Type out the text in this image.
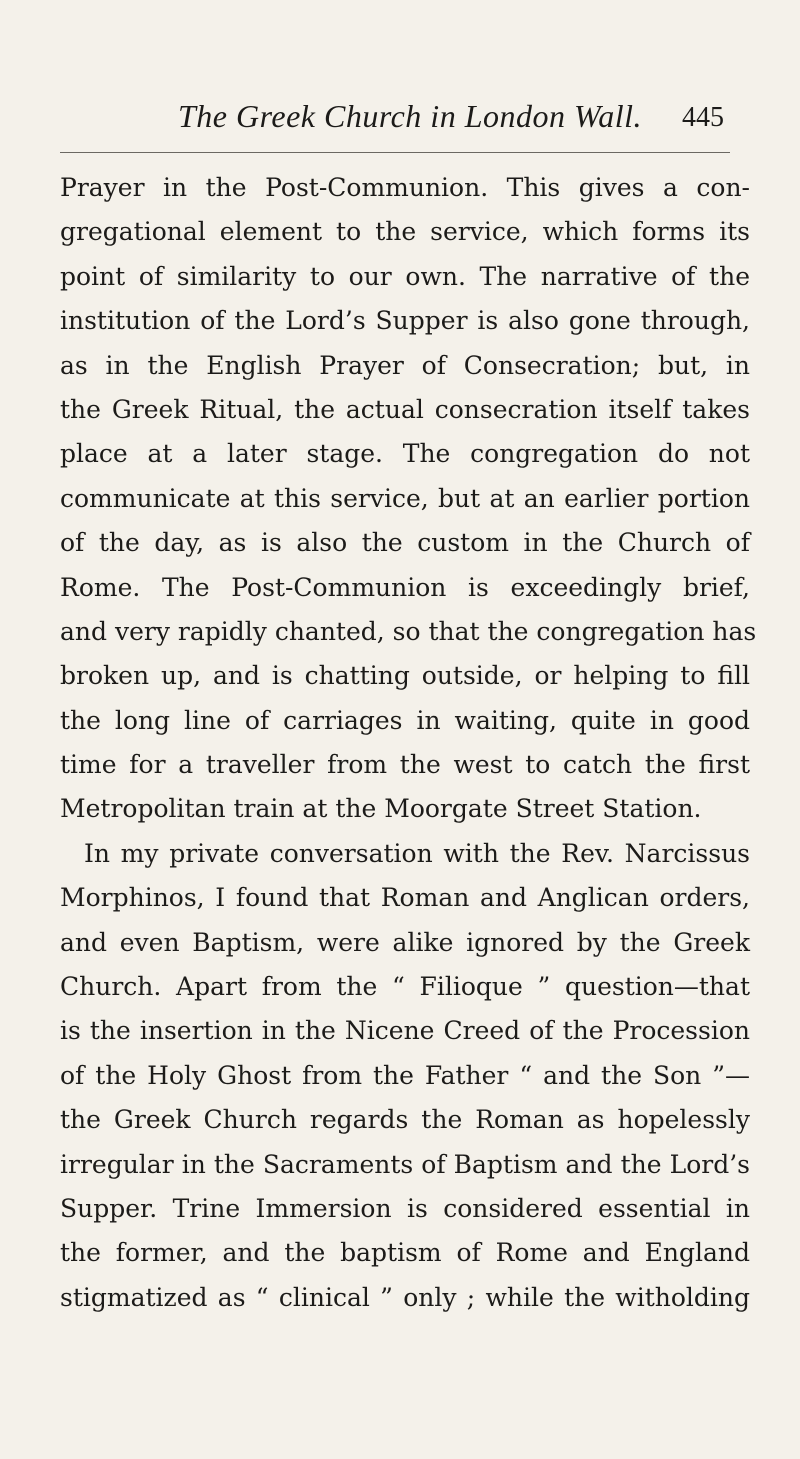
The Greek Church in London Wall.	445
Prayer in the Post-Communion. This gives a con-
gregational element to the service, which forms its
point of similarity to our own. The narrative of the
institution of the Lord’s Supper is also gone through,
as in the English Prayer of Consecration; but, in
the Greek Ritual, the actual consecration itself takes
place at a later stage. The congregation do not
communicate at this service, but at an earlier portion
of the day, as is also the custom in the Church of
Rome. The Post-Communion is exceedingly brief,
and very rapidly chanted, so that the congregation has
broken up, and is chatting outside, or helping to fill
the long line of carriages in waiting, quite in good
time for a traveller from the west to catch the first
Metropolitan train at the Moorgate Street Station.
In my private conversation with the Rev. Narcissus
Morphinos, I found that Roman and Anglican orders,
and even Baptism, were alike ignored by the Greek
Church. Apart from the “ Filioque ” question—that
is the insertion in the Nicene Creed of the Procession
of the Holy Ghost from the Father “ and the Son ”—
the Greek Church regards the Roman as hopelessly
irregular in the Sacraments of Baptism and the Lord’s
Supper. Trine Immersion is considered essential in
the former, and the baptism of Rome and England
stigmatized as “ clinical ” only ; while the witholding
